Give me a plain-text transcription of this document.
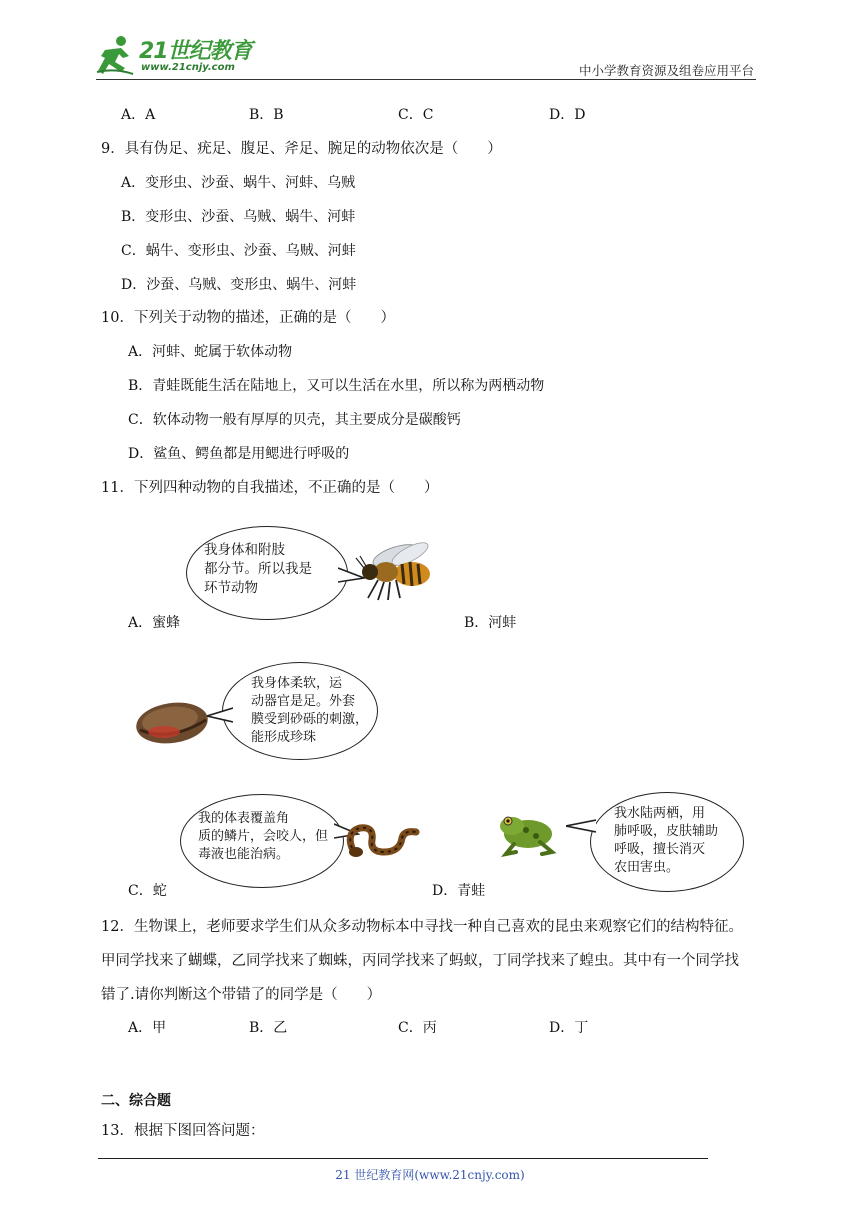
21世纪教育
www.21cnjy.com	中小学教育资源及组卷应用平台
A．A	B．B	C．C	D．D
9．具有伪足、疣足、腹足、斧足、腕足的动物依次是（　　）
A．变形虫、沙蚕、蜗牛、河蚌、乌贼
B．变形虫、沙蚕、乌贼、蜗牛、河蚌
C．蜗牛、变形虫、沙蚕、乌贼、河蚌
D．沙蚕、乌贼、变形虫、蜗牛、河蚌
10．下列关于动物的描述，正确的是（　　）
A．河蚌、蛇属于软体动物
B．青蛙既能生活在陆地上，又可以生活在水里，所以称为两栖动物
C．软体动物一般有厚厚的贝壳，其主要成分是碳酸钙
D．鲨鱼、鳄鱼都是用鳃进行呼吸的
11．下列四种动物的自我描述，不正确的是（　　）
我身体和附肢
都分节。所以我是
环节动物
A．蜜蜂	B．河蚌
我身体柔软，运
动器官是足。外套
膜受到砂砾的刺激，
能形成珍珠
我的体表覆盖角
质的鳞片，会咬人，但
毒液也能治病。
C．蛇
我水陆两栖，用
肺呼吸，皮肤辅助
呼吸，擅长消灭
农田害虫。
D．青蛙
12．生物课上，老师要求学生们从众多动物标本中寻找一种自己喜欢的昆虫来观察它们的结构特征。
甲同学找来了蝴蝶，乙同学找来了蜘蛛，丙同学找来了蚂蚁，丁同学找来了蝗虫。其中有一个同学找
错了.请你判断这个带错了的同学是（　　）
A．甲	B．乙	C．丙	D．丁
二、综合题
13．根据下图回答问题：
21 世纪教育网(www.21cnjy.com)
